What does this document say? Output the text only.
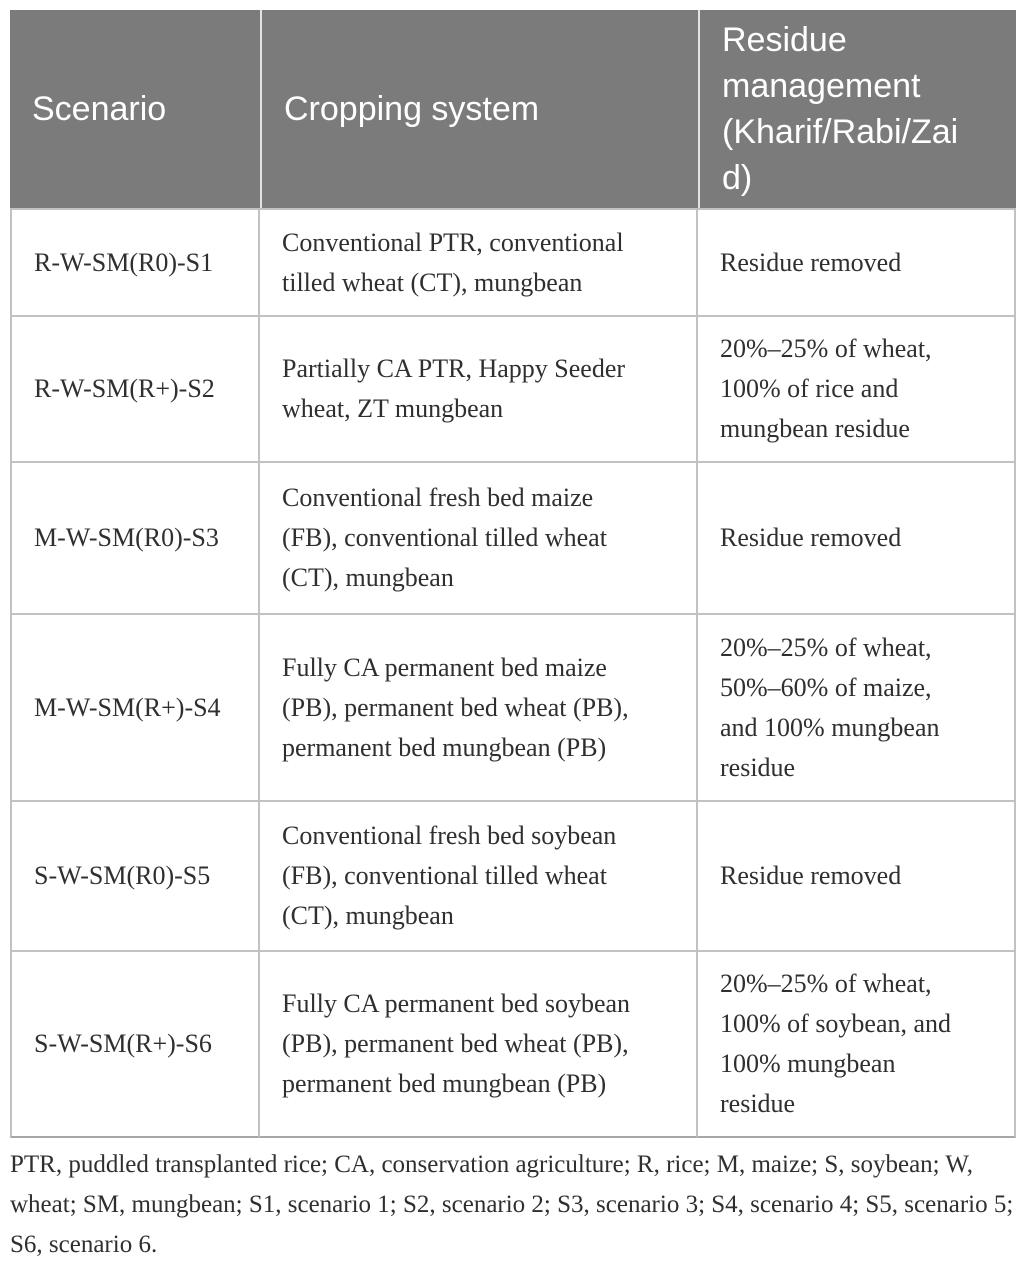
Scenario	Cropping system	Residue management (Kharif/Rabi/Zaid)

R-W-SM(R0)-S1	Conventional PTR, conventional tilled wheat (CT), mungbean	Residue removed

R-W-SM(R+)-S2	Partially CA PTR, Happy Seeder wheat, ZT mungbean	20%–25% of wheat, 100% of rice and mungbean residue

M-W-SM(R0)-S3	Conventional fresh bed maize (FB), conventional tilled wheat (CT), mungbean	Residue removed

M-W-SM(R+)-S4	Fully CA permanent bed maize (PB), permanent bed wheat (PB), permanent bed mungbean (PB)	20%–25% of wheat, 50%–60% of maize, and 100% mungbean residue

S-W-SM(R0)-S5	Conventional fresh bed soybean (FB), conventional tilled wheat (CT), mungbean	Residue removed

S-W-SM(R+)-S6	Fully CA permanent bed soybean (PB), permanent bed wheat (PB), permanent bed mungbean (PB)	20%–25% of wheat, 100% of soybean, and 100% mungbean residue

PTR, puddled transplanted rice; CA, conservation agriculture; R, rice; M, maize; S, soybean; W, wheat; SM, mungbean; S1, scenario 1; S2, scenario 2; S3, scenario 3; S4, scenario 4; S5, scenario 5; S6, scenario 6.
